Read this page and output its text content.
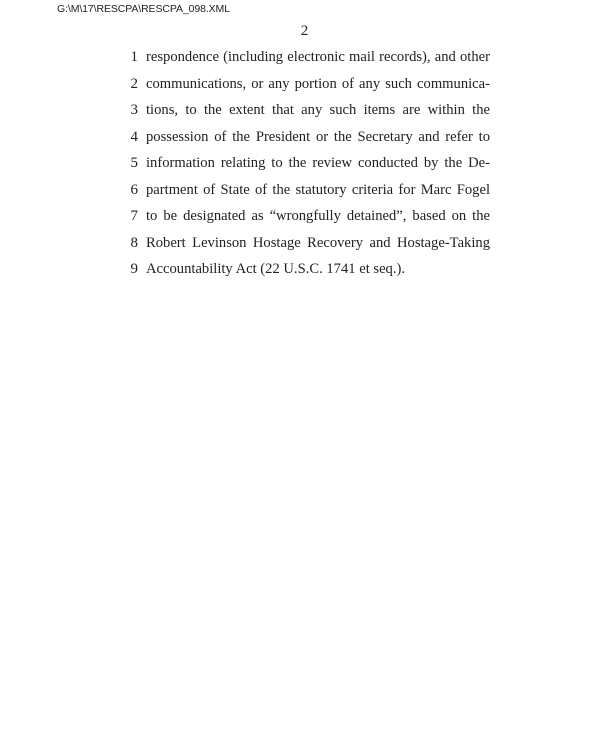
G:\M\17\RESCPA\RESCPA_098.XML
2
1 respondence (including electronic mail records), and other
2 communications, or any portion of any such communica-
3 tions, to the extent that any such items are within the
4 possession of the President or the Secretary and refer to
5 information relating to the review conducted by the De-
6 partment of State of the statutory criteria for Marc Fogel
7 to be designated as “wrongfully detained”, based on the
8 Robert Levinson Hostage Recovery and Hostage-Taking
9 Accountability Act (22 U.S.C. 1741 et seq.).
